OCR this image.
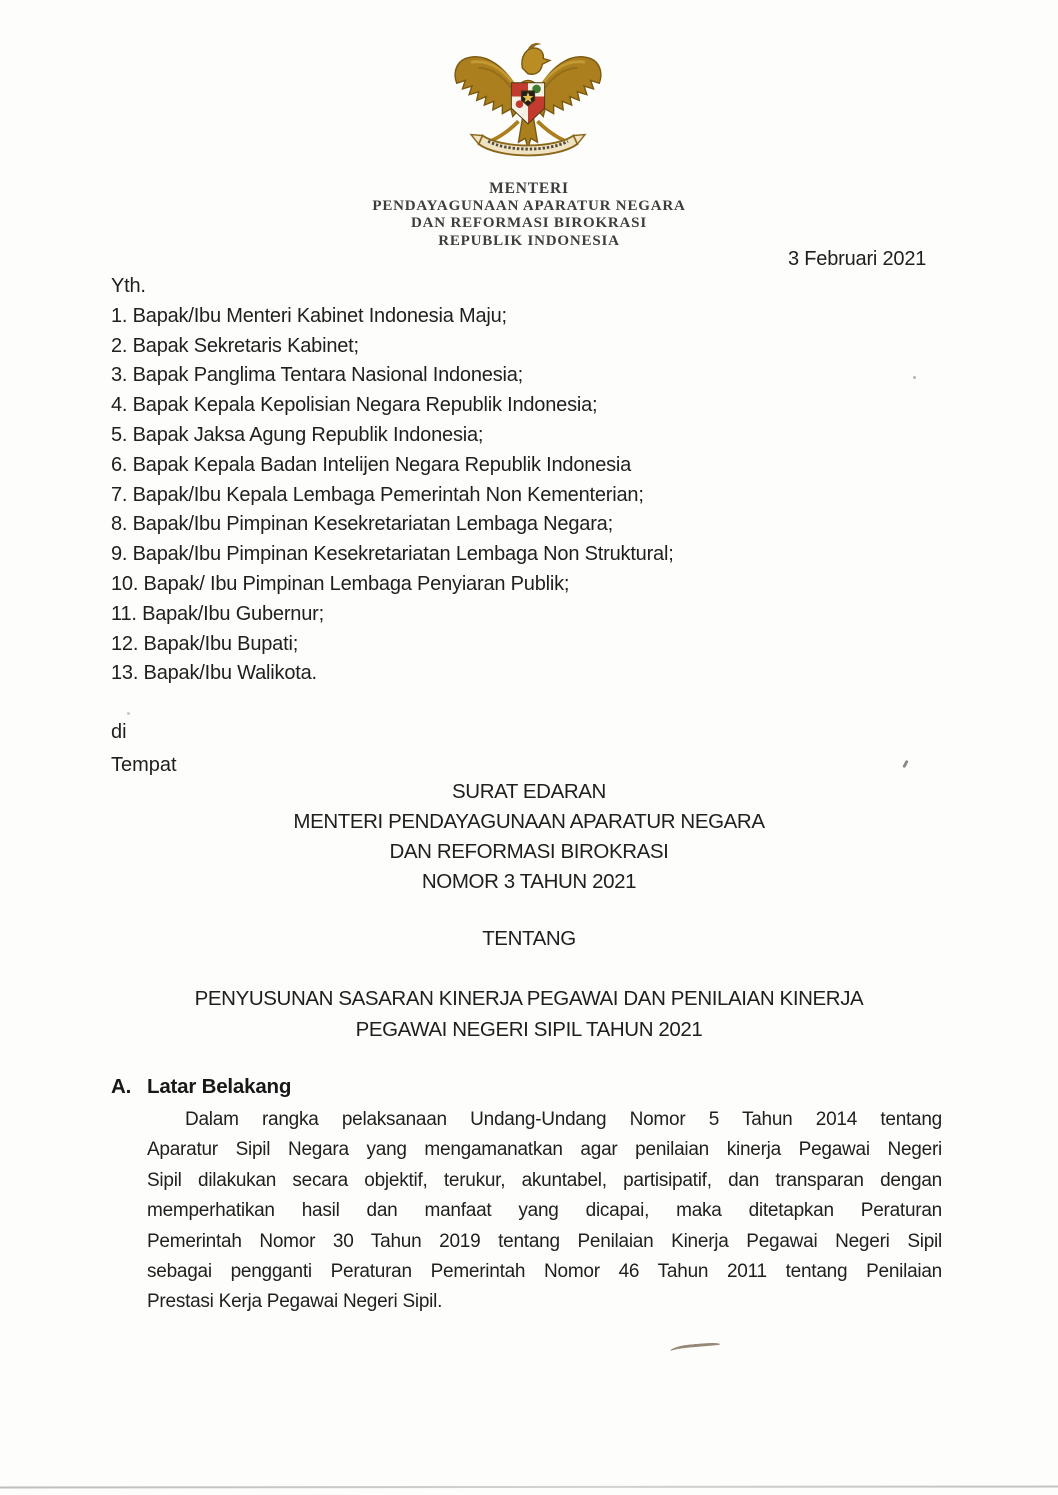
MENTERI
PENDAYAGUNAAN APARATUR NEGARA
DAN REFORMASI BIROKRASI
REPUBLIK INDONESIA
3 Februari 2021
Yth.
1. Bapak/Ibu Menteri Kabinet Indonesia Maju;
2. Bapak Sekretaris Kabinet;
3. Bapak Panglima Tentara Nasional Indonesia;
4. Bapak Kepala Kepolisian Negara Republik Indonesia;
5. Bapak Jaksa Agung Republik Indonesia;
6. Bapak Kepala Badan Intelijen Negara Republik Indonesia
7. Bapak/Ibu Kepala Lembaga Pemerintah Non Kementerian;
8. Bapak/Ibu Pimpinan Kesekretariatan Lembaga Negara;
9. Bapak/Ibu Pimpinan Kesekretariatan Lembaga Non Struktural;
10. Bapak/ Ibu Pimpinan Lembaga Penyiaran Publik;
11. Bapak/Ibu Gubernur;
12. Bapak/Ibu Bupati;
13. Bapak/Ibu Walikota.
di
Tempat
SURAT EDARAN
MENTERI PENDAYAGUNAAN APARATUR NEGARA
DAN REFORMASI BIROKRASI
NOMOR 3 TAHUN 2021
TENTANG
PENYUSUNAN SASARAN KINERJA PEGAWAI DAN PENILAIAN KINERJA
PEGAWAI NEGERI SIPIL TAHUN 2021
A. Latar Belakang
Dalam rangka pelaksanaan Undang-Undang Nomor 5 Tahun 2014 tentang
Aparatur Sipil Negara yang mengamanatkan agar penilaian kinerja Pegawai Negeri
Sipil dilakukan secara objektif, terukur, akuntabel, partisipatif, dan transparan dengan
memperhatikan hasil dan manfaat yang dicapai, maka ditetapkan Peraturan
Pemerintah Nomor 30 Tahun 2019 tentang Penilaian Kinerja Pegawai Negeri Sipil
sebagai pengganti Peraturan Pemerintah Nomor 46 Tahun 2011 tentang Penilaian
Prestasi Kerja Pegawai Negeri Sipil.
